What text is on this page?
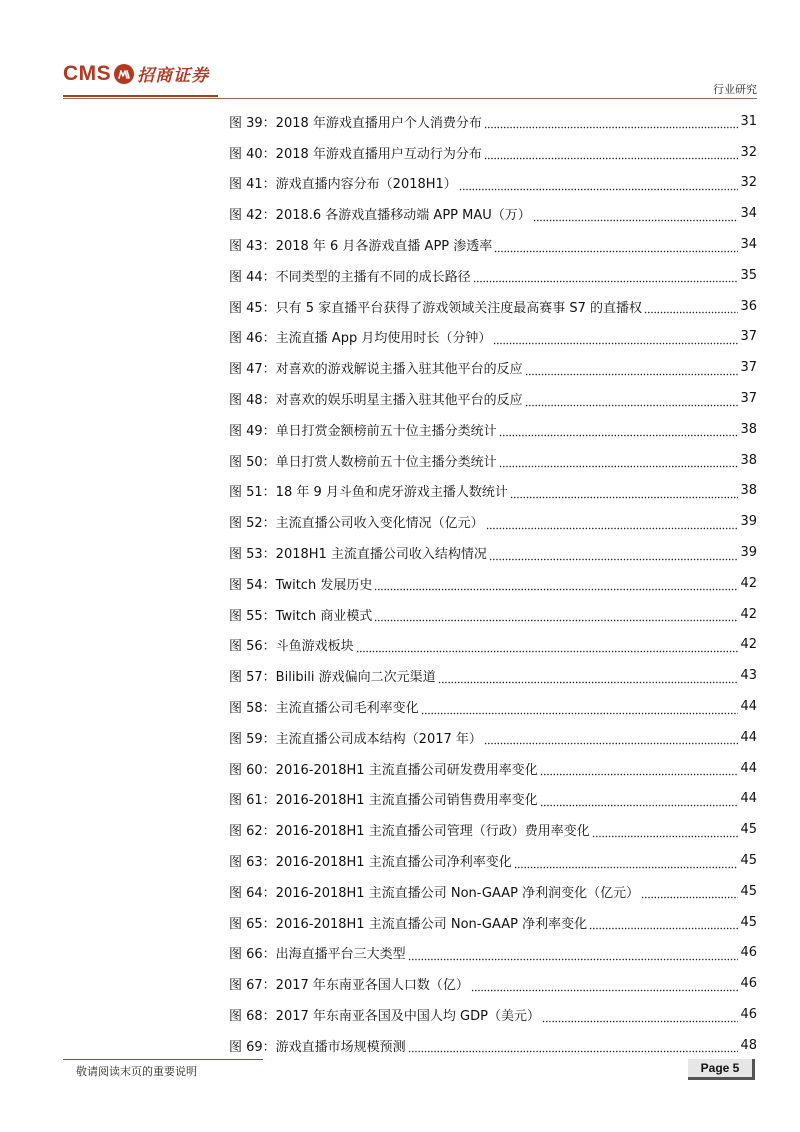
CMS 招商证券
行业研究
图 39：2018 年游戏直播用户个人消费分布	31
图 40：2018 年游戏直播用户互动行为分布	32
图 41：游戏直播内容分布（2018H1）	32
图 42：2018.6 各游戏直播移动端 APP MAU（万）	34
图 43：2018 年 6 月各游戏直播 APP 渗透率	34
图 44：不同类型的主播有不同的成长路径	35
图 45：只有 5 家直播平台获得了游戏领域关注度最高赛事 S7 的直播权	36
图 46：主流直播 App 月均使用时长（分钟）	37
图 47：对喜欢的游戏解说主播入驻其他平台的反应	37
图 48：对喜欢的娱乐明星主播入驻其他平台的反应	37
图 49：单日打赏金额榜前五十位主播分类统计	38
图 50：单日打赏人数榜前五十位主播分类统计	38
图 51：18 年 9 月斗鱼和虎牙游戏主播人数统计	38
图 52：主流直播公司收入变化情况（亿元）	39
图 53：2018H1 主流直播公司收入结构情况	39
图 54：Twitch 发展历史	42
图 55：Twitch 商业模式	42
图 56：斗鱼游戏板块	42
图 57：Bilibili 游戏偏向二次元渠道	43
图 58：主流直播公司毛利率变化	44
图 59：主流直播公司成本结构（2017 年）	44
图 60：2016-2018H1 主流直播公司研发费用率变化	44
图 61：2016-2018H1 主流直播公司销售费用率变化	44
图 62：2016-2018H1 主流直播公司管理（行政）费用率变化	45
图 63：2016-2018H1 主流直播公司净利率变化	45
图 64：2016-2018H1 主流直播公司 Non-GAAP 净利润变化（亿元）	45
图 65：2016-2018H1 主流直播公司 Non-GAAP 净利率变化	45
图 66：出海直播平台三大类型	46
图 67：2017 年东南亚各国人口数（亿）	46
图 68：2017 年东南亚各国及中国人均 GDP（美元）	46
图 69：游戏直播市场规模预测	48
敬请阅读末页的重要说明	Page 5
